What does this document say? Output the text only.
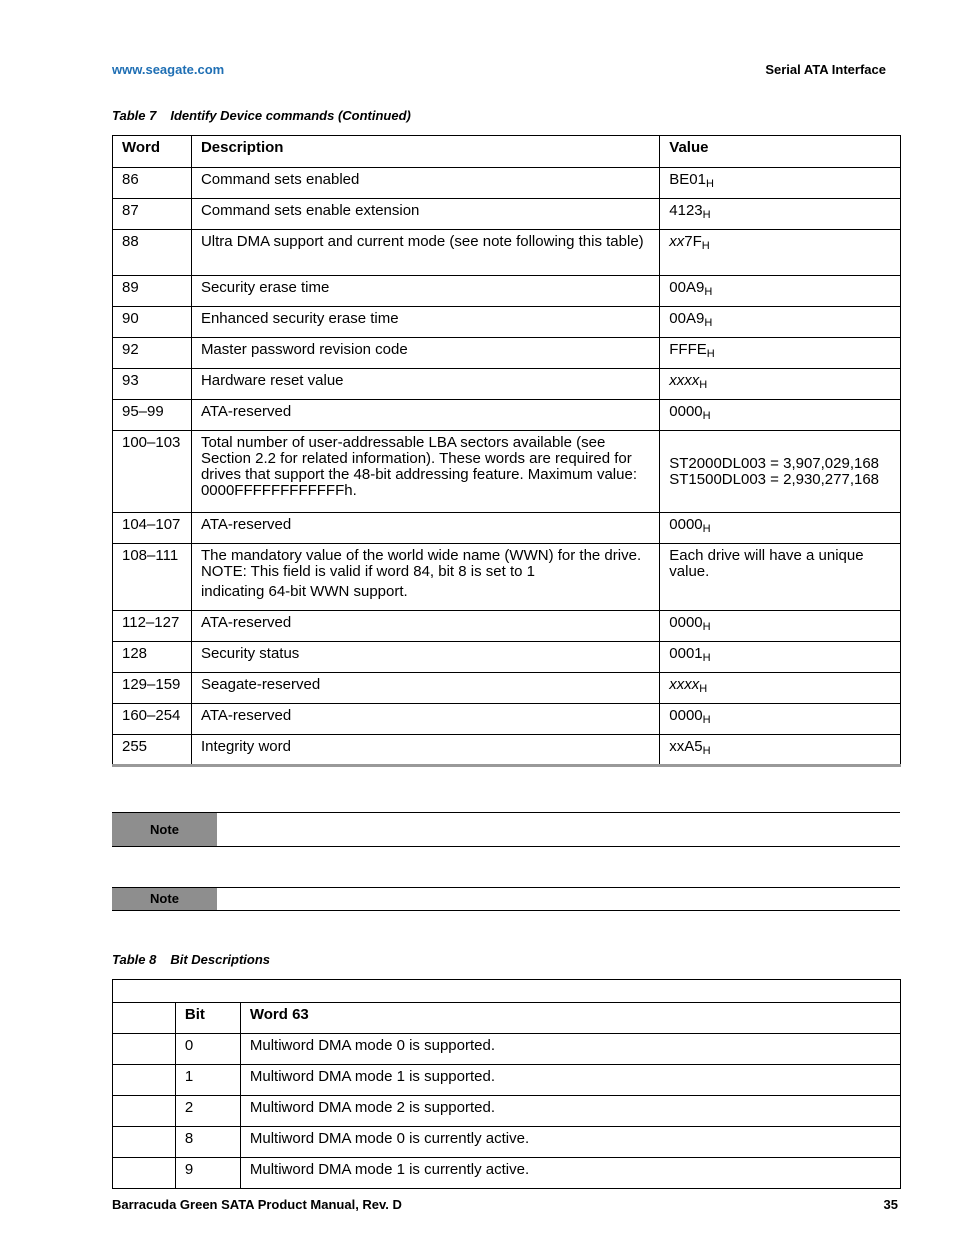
www.seagate.com	Serial ATA Interface
Table 7 Identify Device commands (Continued)
Word	Description	Value
86	Command sets enabled	$BE01_H$
87	Command sets enable extension	$4123_H$
88	Ultra DMA support and current mode (see note following this table)	$xx7F_H$
89	Security erase time	$00A9_H$
90	Enhanced security erase time	$00A9_H$
92	Master password revision code	$FFFE_H$
93	Hardware reset value	xxxx$_H$
95–99	ATA-reserved	$0000_H$
100–103	Total number of user-addressable LBA sectors available (see Section 2.2 for related information). These words are required for drives that support the 48-bit addressing feature. Maximum value: 0000FFFFFFFFFFFFh.	ST2000DL003 = 3,907,029,168
ST1500DL003 = 2,930,277,168

104–107	ATA-reserved	$0000_H$
108–111	The mandatory value of the world wide name (WWN) for the drive. NOTE: This field is valid if word 84, bit 8 is set to 1
indicating 64-bit WWN support.	Each drive will have a unique value.
112–127	ATA-reserved	$0000_H$
128	Security status	$0001_H$
129–159	Seagate-reserved	xxxx$_H$
160–254	ATA-reserved	$0000_H$
255	Integrity word	$xxA5_H$
Note
Note
Table 8 Bit Descriptions

	Bit	Word 63
	0	Multiword DMA mode 0 is supported.
	1	Multiword DMA mode 1 is supported.
	2	Multiword DMA mode 2 is supported.
	8	Multiword DMA mode 0 is currently active.
	9	Multiword DMA mode 1 is currently active.
Barracuda Green SATA Product Manual, Rev. D	35
